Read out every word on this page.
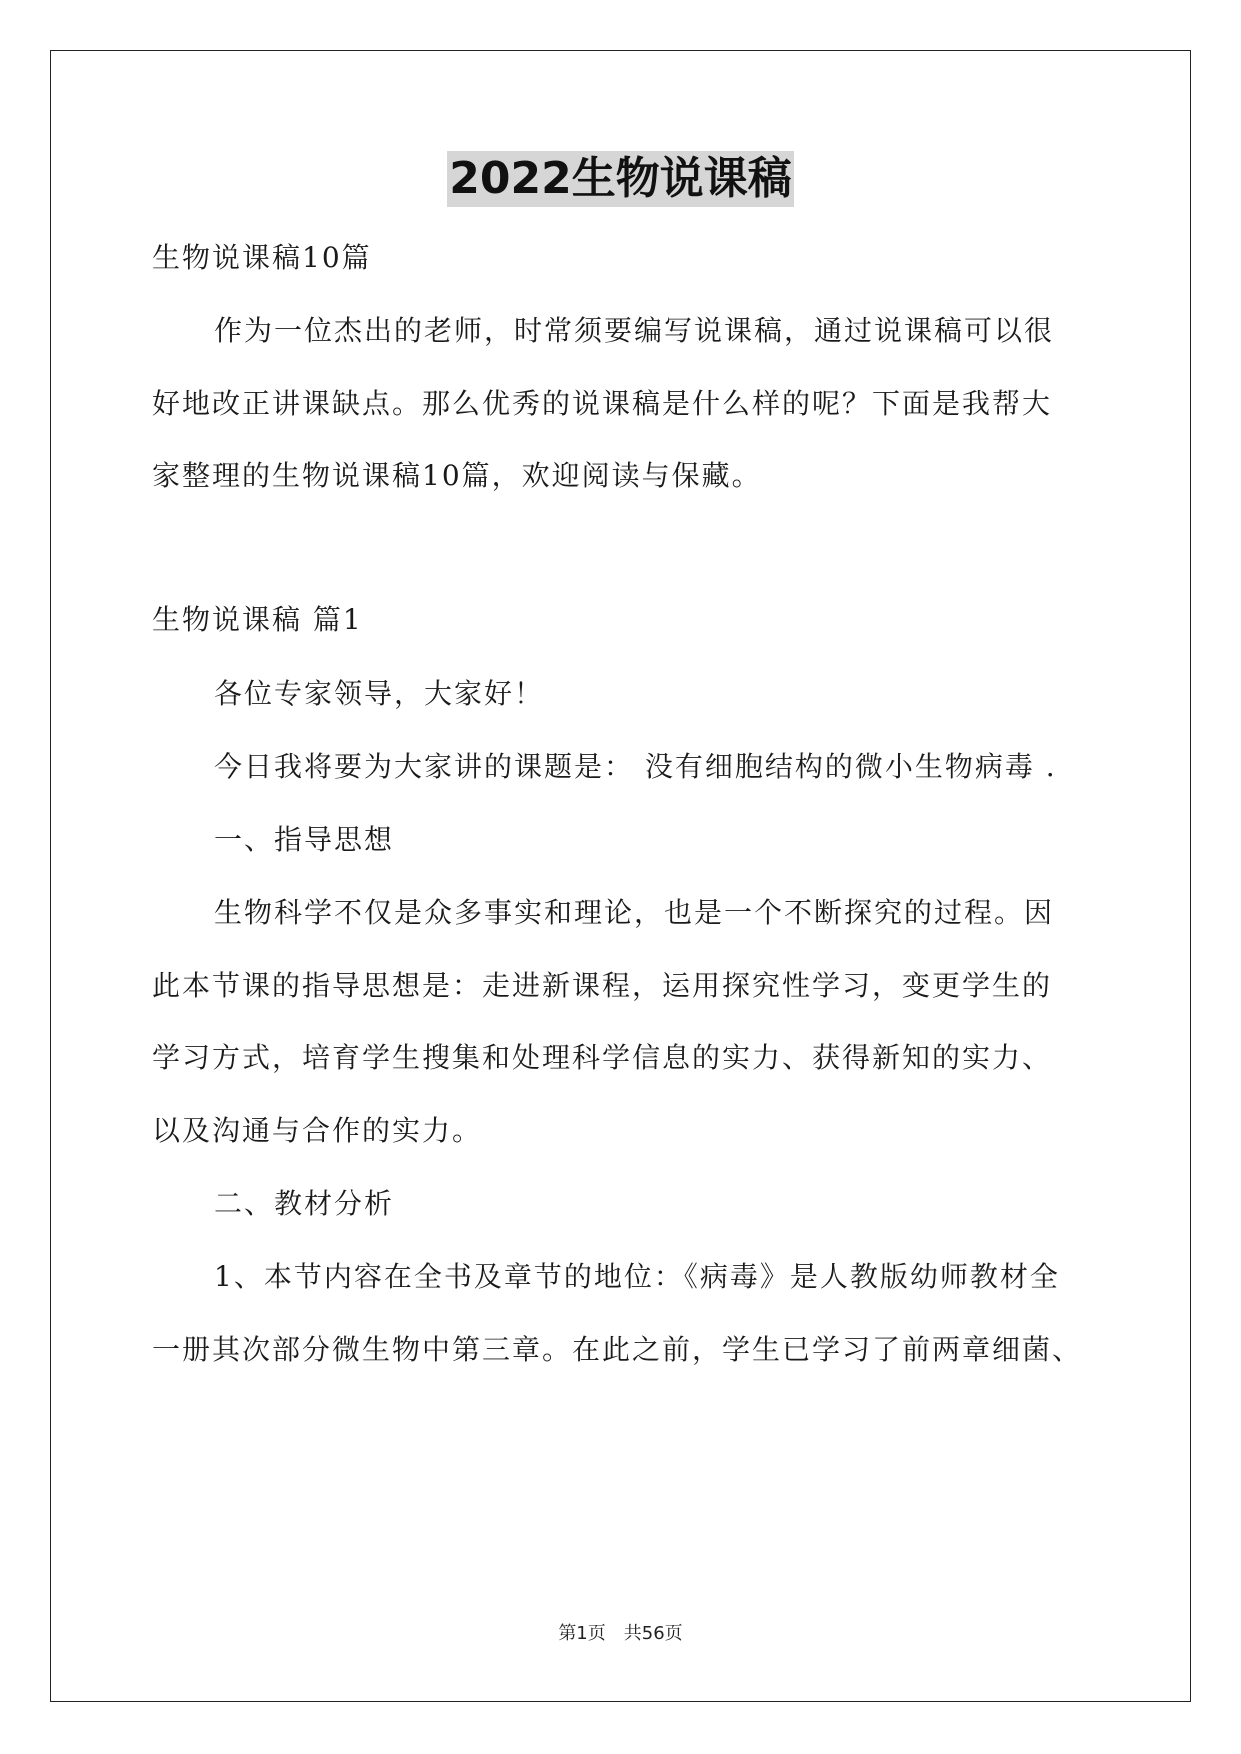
2022生物说课稿
生物说课稿10篇
作为一位杰出的老师，时常须要编写说课稿，通过说课稿可以很
好地改正讲课缺点。那么优秀的说课稿是什么样的呢？下面是我帮大
家整理的生物说课稿10篇，欢迎阅读与保藏。
生物说课稿 篇1
各位专家领导，大家好！
今日我将要为大家讲的课题是： 没有细胞结构的微小生物病毒 .
一、指导思想
生物科学不仅是众多事实和理论，也是一个不断探究的过程。因
此本节课的指导思想是：走进新课程，运用探究性学习，变更学生的
学习方式，培育学生搜集和处理科学信息的实力、获得新知的实力、
以及沟通与合作的实力。
二、教材分析
1、本节内容在全书及章节的地位：《病毒》是人教版幼师教材全
一册其次部分微生物中第三章。在此之前，学生已学习了前两章细菌、
第1页 共56页
